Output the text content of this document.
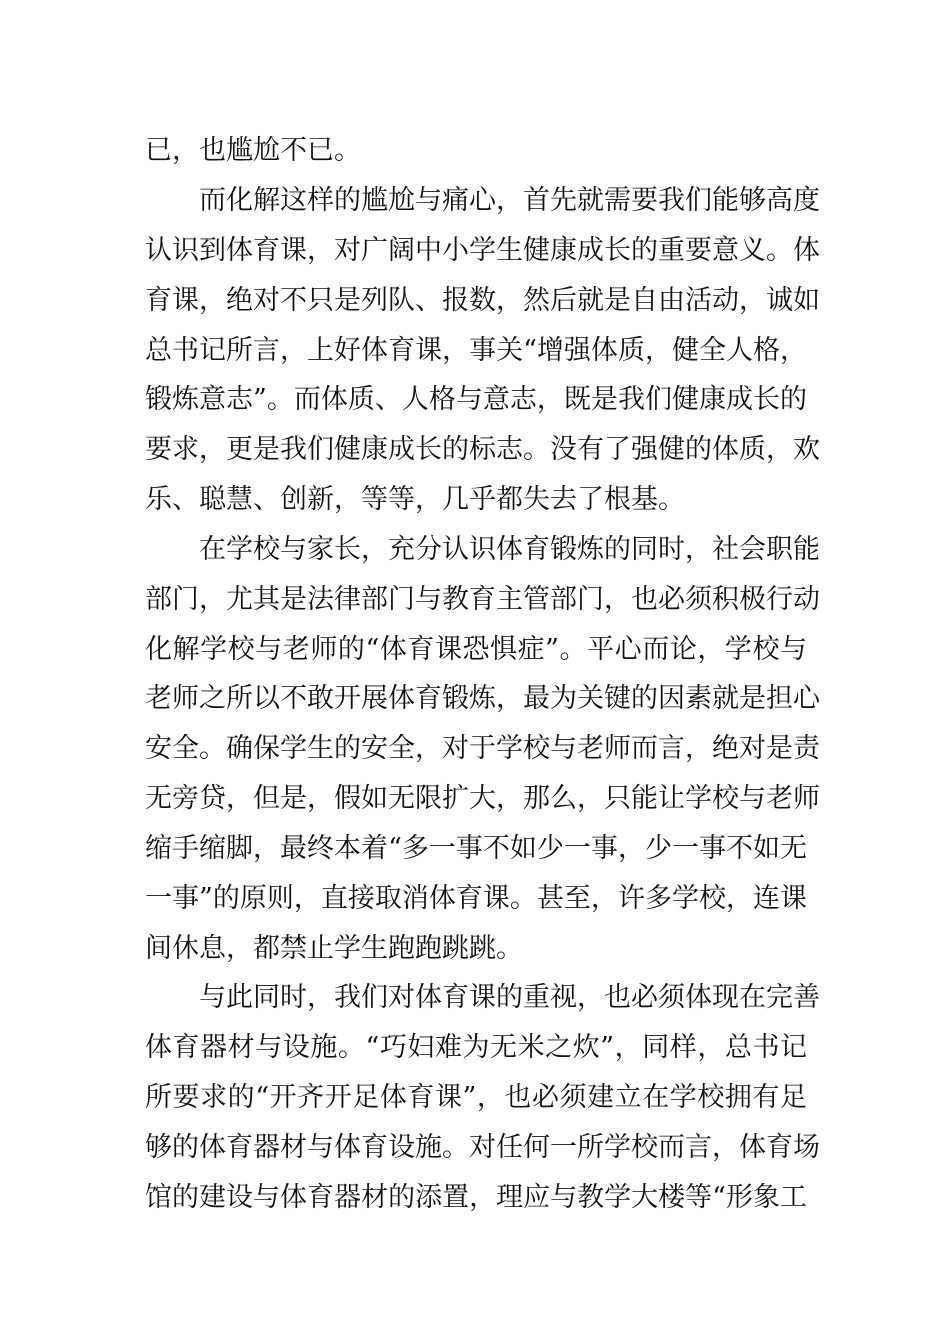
已，也尴尬不已。

而化解这样的尴尬与痛心，首先就需要我们能够高度

认识到体育课，对广阔中小学生健康成长的重要意义。体

育课，绝对不只是列队、报数，然后就是自由活动，诚如

总书记所言，上好体育课，事关“增强体质，健全人格，

锻炼意志”。而体质、人格与意志，既是我们健康成长的

要求，更是我们健康成长的标志。没有了强健的体质，欢

乐、聪慧、创新，等等，几乎都失去了根基。

在学校与家长，充分认识体育锻炼的同时，社会职能

部门，尤其是法律部门与教育主管部门，也必须积极行动

化解学校与老师的“体育课恐惧症”。平心而论，学校与

老师之所以不敢开展体育锻炼，最为关键的因素就是担心

安全。确保学生的安全，对于学校与老师而言，绝对是责

无旁贷，但是，假如无限扩大，那么，只能让学校与老师

缩手缩脚，最终本着“多一事不如少一事，少一事不如无

一事”的原则，直接取消体育课。甚至，许多学校，连课

间休息，都禁止学生跑跑跳跳。

与此同时，我们对体育课的重视，也必须体现在完善

体育器材与设施。“巧妇难为无米之炊”，同样，总书记

所要求的“开齐开足体育课”，也必须建立在学校拥有足

够的体育器材与体育设施。对任何一所学校而言，体育场

馆的建设与体育器材的添置，理应与教学大楼等“形象工
